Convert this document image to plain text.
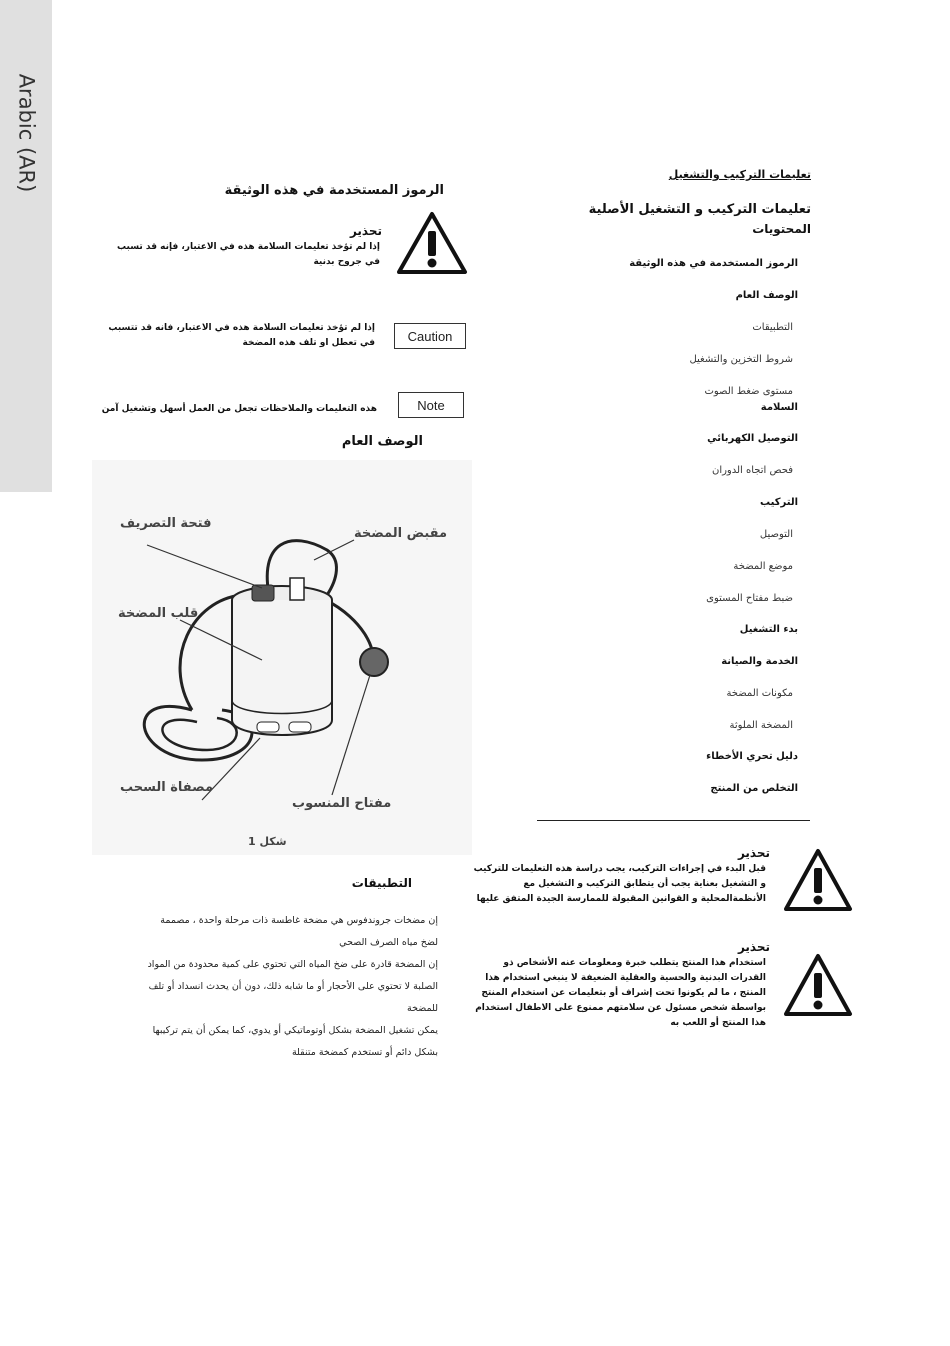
Arabic (AR)	تعليمات التركيب والتشغيل
تعليمات التركيب و التشغيل الأصلية
المحتويات
الرموز المستخدمة في هذه الوثيقة
الوصف العام
التطبيقات
شروط التخزين والتشغيل
مستوى ضغط الصوت
السلامة
التوصيل الكهربائي
فحص اتجاه الدوران
التركيب
التوصيل
موضع المضخة
ضبط مفتاح المستوى
بدء التشغيل
الخدمة والصيانة
مكونات المضخة
المضخة الملوثة
دليل تحري الأخطاء
التخلص من المنتج
تحذير
قبل البدء في إجراءات التركيب، يجب دراسة هذه التعليمات للتركيب
و التشغيل بعناية يجب أن يتطابق التركيب و التشغيل مع
الأنظمةالمحلية و القوانين المقبولة للممارسة الجيدة المتفق عليها
تحذير
استخدام هذا المنتج يتطلب خبرة ومعلومات عنه الأشخاص ذو
القدرات البدنية والحسية والعقلية الضعيفة لا ينبغي استخدام هذا
المنتج ، ما لم يكونوا تحت إشراف أو بتعليمات عن استخدام المنتج
بواسطة شخص مسئول عن سلامتهم ممنوع على الاطفال استخدام
هذا المنتج أو اللعب به
الرموز المستخدمة في هذه الوثيقة
تحذير
إذا لم تؤخذ تعليمات السلامة هذه في الاعتبار، فإنه قد تسبب
في جروح بدنية
Caution
إذا لم تؤخذ تعليمات السلامة هذه في الاعتبار، فانه قد تتسبب
في تعطل او تلف هذه المضخة
Note
هذه التعليمات والملاحظات تجعل من العمل أسهل وتشغيل آمن
الوصف العام
فتحة التصريف
مقبض المضخة
قلب المضخة
مصفاة السحب
مفتاح المنسوب
شكل 1
التطبيقات
إن مضخات جروندفوس هي مضخة غاطسة ذات مرحلة واحدة ، مصممة
لضخ مياه الصرف الصحي
إن المضخة قادرة على ضخ المياه التي تحتوي على كمية محدودة من المواد
الصلبة لا تحتوي على الأحجار أو ما شابه ذلك، دون أن يحدث انسداد أو تلف
للمضخة
يمكن تشغيل المضخة بشكل أوتوماتيكي أو يدوي، كما يمكن أن يتم تركيبها
بشكل دائم أو تستخدم كمضخة متنقلة
